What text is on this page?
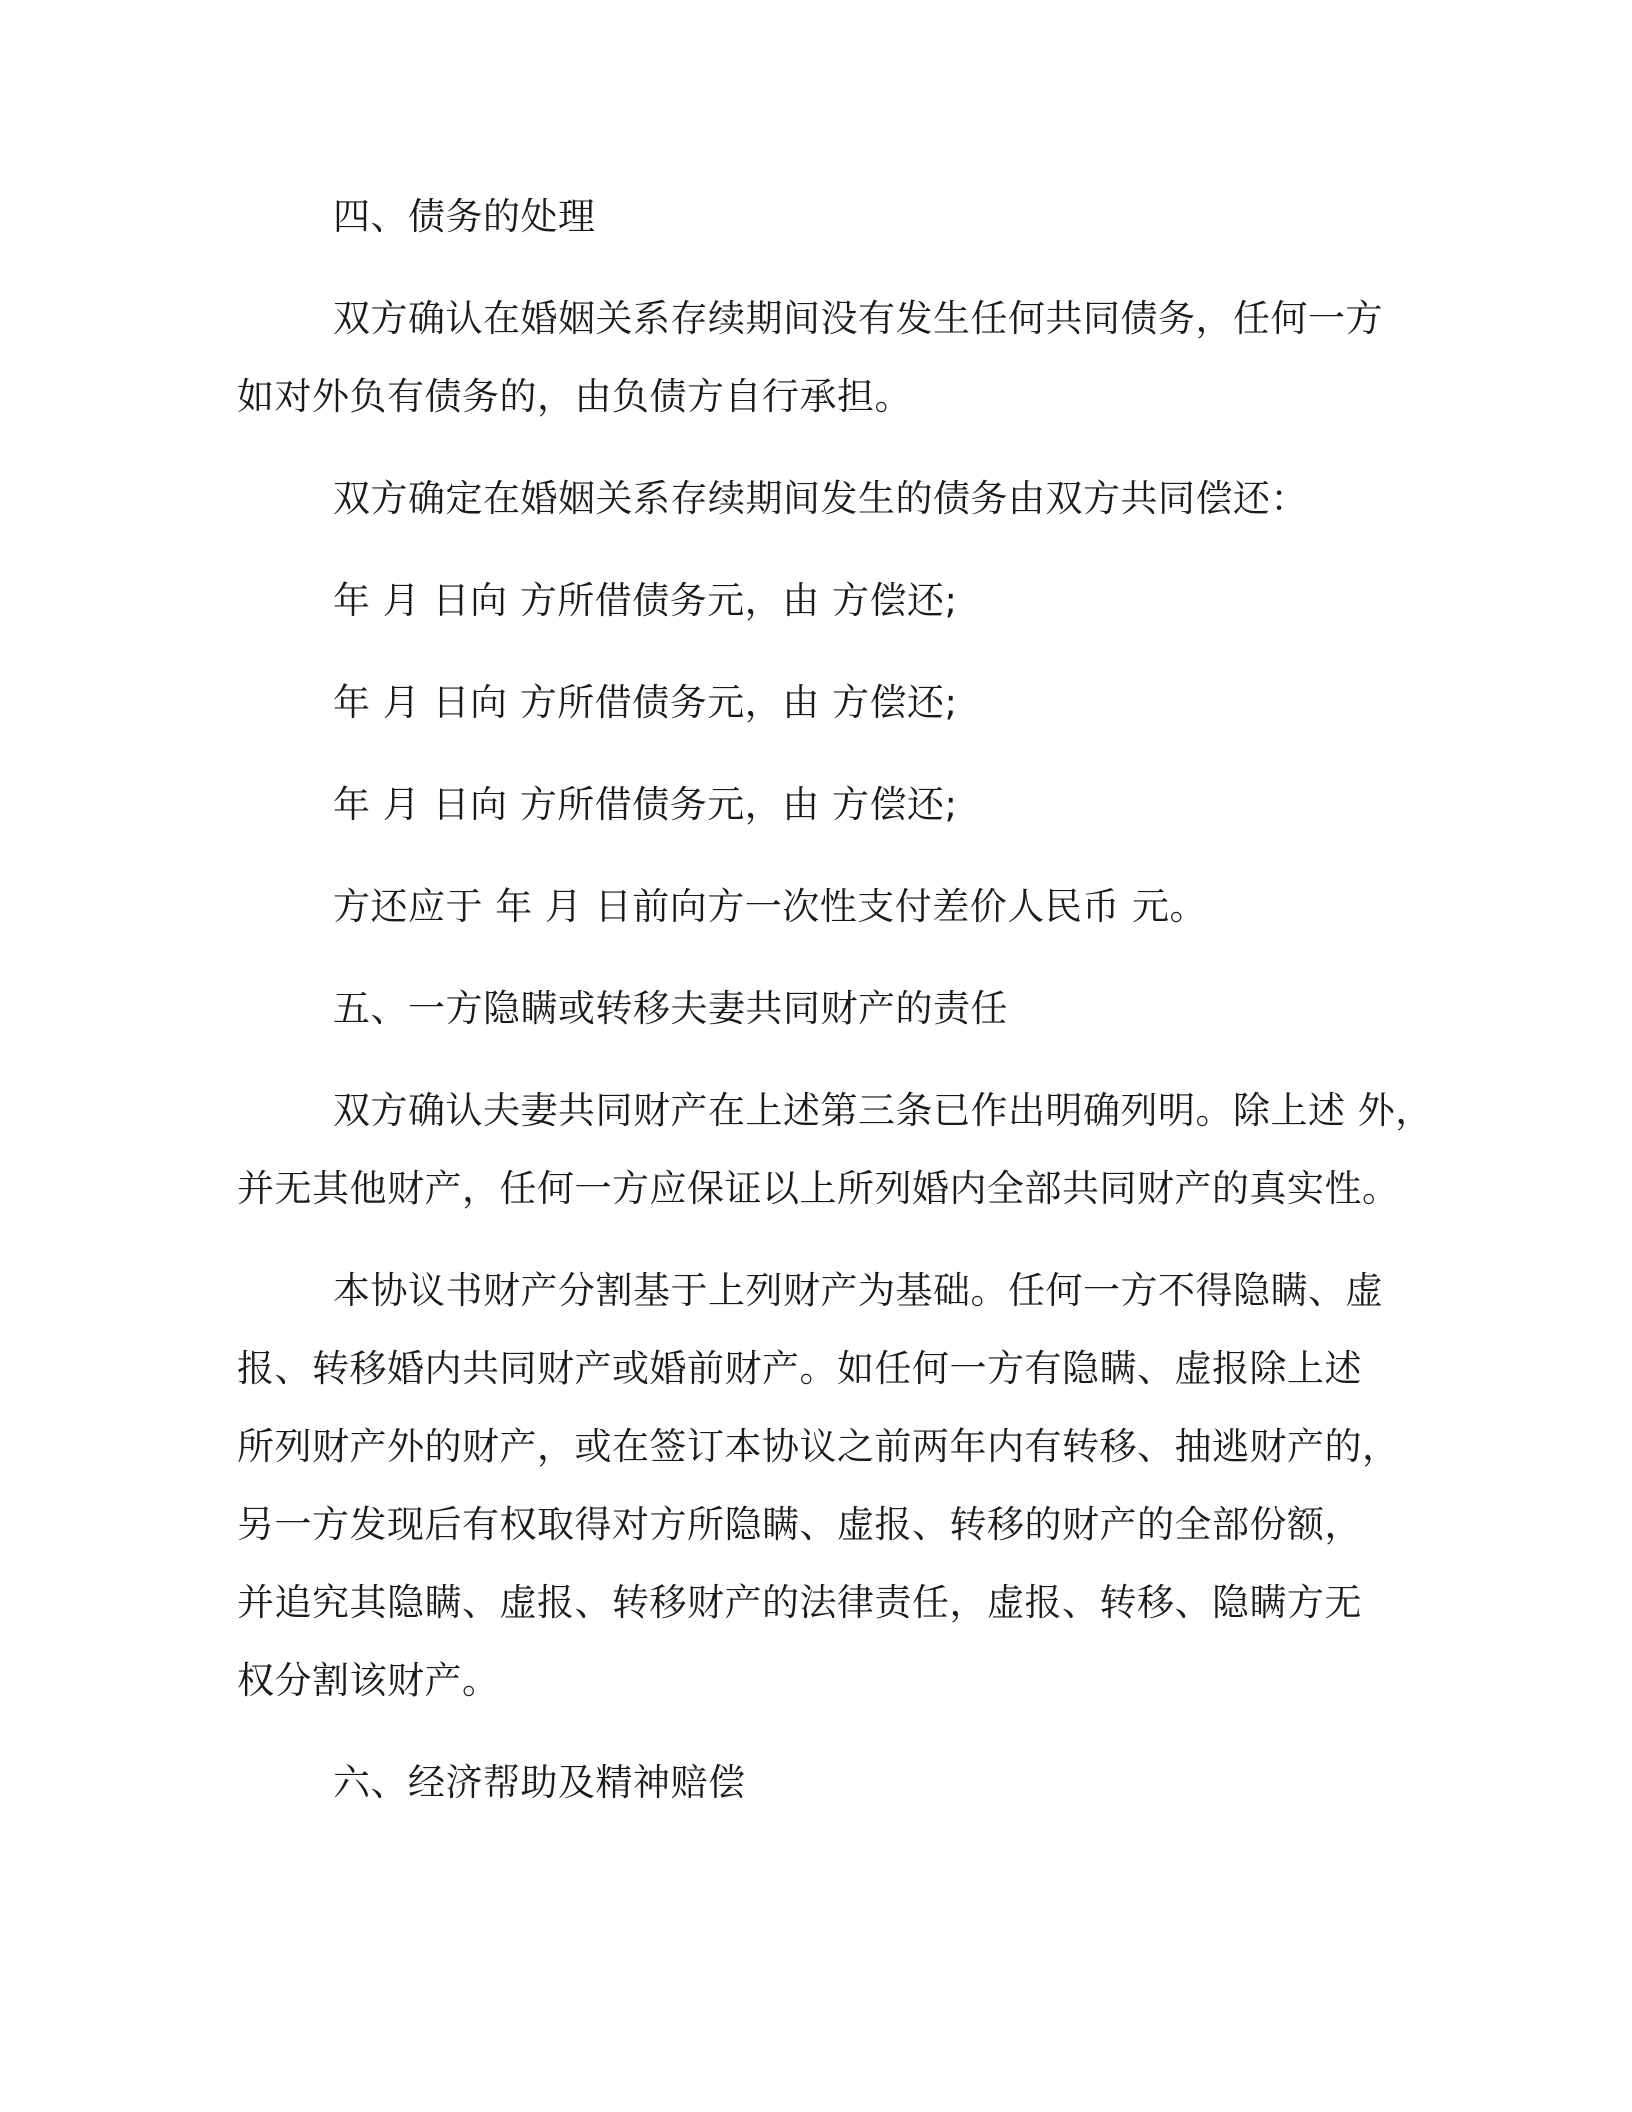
四、债务的处理
双方确认在婚姻关系存续期间没有发生任何共同债务，任何一方
如对外负有债务的，由负债方自行承担。
双方确定在婚姻关系存续期间发生的债务由双方共同偿还：
年 月 日向 方所借债务元，由 方偿还;
年 月 日向 方所借债务元，由 方偿还;
年 月 日向 方所借债务元，由 方偿还;
方还应于 年 月 日前向方一次性支付差价人民币 元。
五、一方隐瞒或转移夫妻共同财产的责任
双方确认夫妻共同财产在上述第三条已作出明确列明。除上述 外，
并无其他财产，任何一方应保证以上所列婚内全部共同财产的真实性。
本协议书财产分割基于上列财产为基础。任何一方不得隐瞒、虚
报、转移婚内共同财产或婚前财产。如任何一方有隐瞒、虚报除上述
所列财产外的财产，或在签订本协议之前两年内有转移、抽逃财产的，
另一方发现后有权取得对方所隐瞒、虚报、转移的财产的全部份额，
并追究其隐瞒、虚报、转移财产的法律责任，虚报、转移、隐瞒方无
权分割该财产。
六、经济帮助及精神赔偿
